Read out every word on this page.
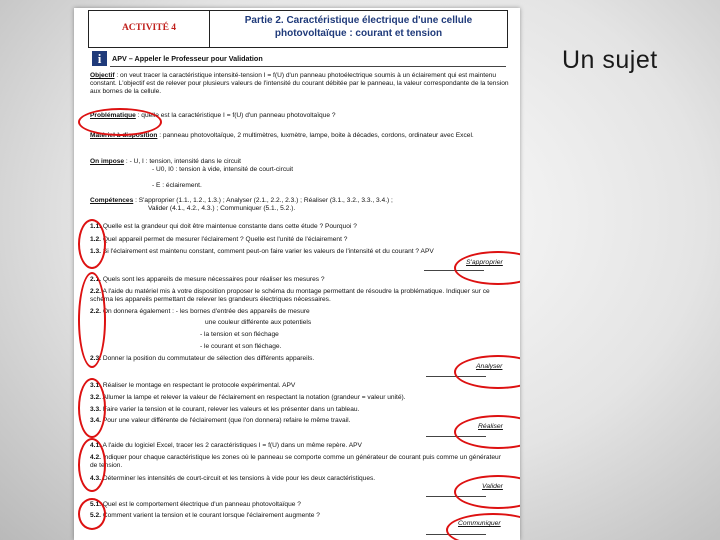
Un sujet
ACTIVITÉ 4
Partie 2. Caractéristique électrique d'une cellule
photovoltaïque : courant et tension
i	APV – Appeler le Professeur pour Validation
Objectif : on veut tracer la caractéristique intensité-tension I = f(U) d'un panneau photoélectrique soumis à un éclairement qui est maintenu constant. L'objectif est de relever pour plusieurs valeurs de l'intensité du courant débitée par le panneau, la valeur correspondante de la tension aux bornes de la cellule.
Problématique : quelle est la caractéristique I = f(U) d'un panneau photovoltaïque ?
Matériel à disposition : panneau photovoltaïque, 2 multimètres, luxmètre, lampe, boite à décades, cordons, ordinateur avec Excel.
On impose : - U, I : tension, intensité dans le circuit

- U0, I0 : tension à vide, intensité de court-circuit

- E : éclairement.

Compétences : S'approprier (1.1., 1.2., 1.3.) ; Analyser (2.1., 2.2., 2.3.) ; Réaliser (3.1., 3.2., 3.3., 3.4.) ;

Valider (4.1., 4.2., 4.3.) ; Communiquer (5.1., 5.2.).

1.1. Quelle est la grandeur qui doit être maintenue constante dans cette étude ? Pourquoi ?
1.2. Quel appareil permet de mesurer l'éclairement ? Quelle est l'unité de l'éclairement ?
1.3. Si l'éclairement est maintenu constant, comment peut-on faire varier les valeurs de l'intensité et du courant ? APV
S'approprier
2.1. Quels sont les appareils de mesure nécessaires pour réaliser les mesures ?
2.2. A l'aide du matériel mis à votre disposition proposer le schéma du montage permettant de résoudre la problématique. Indiquer sur ce schéma les appareils permettant de relever les grandeurs électriques nécessaires.
2.2. On donnera également : - les bornes d'entrée des appareils de mesure
une couleur différente aux potentiels
- la tension et son fléchage
- le courant et son fléchage.
2.3. Donner la position du commutateur de sélection des différents appareils.
Analyser
3.1. Réaliser le montage en respectant le protocole expérimental. APV
3.2. Allumer la lampe et relever la valeur de l'éclairement en respectant la notation (grandeur = valeur unité).
3.3. Faire varier la tension et le courant, relever les valeurs et les présenter dans un tableau.
3.4. Pour une valeur différente de l'éclairement (que l'on donnera) refaire le même travail.
Réaliser
4.1. A l'aide du logiciel Excel, tracer les 2 caractéristiques I = f(U) dans un même repère. APV
4.2. Indiquer pour chaque caractéristique les zones où le panneau se comporte comme un générateur de courant puis comme un générateur de tension.
4.3. Déterminer les intensités de court-circuit et les tensions à vide pour les deux caractéristiques.
Valider
5.1. Quel est le comportement électrique d'un panneau photovoltaïque ?
5.2. Comment varient la tension et le courant lorsque l'éclairement augmente ?
Communiquer
